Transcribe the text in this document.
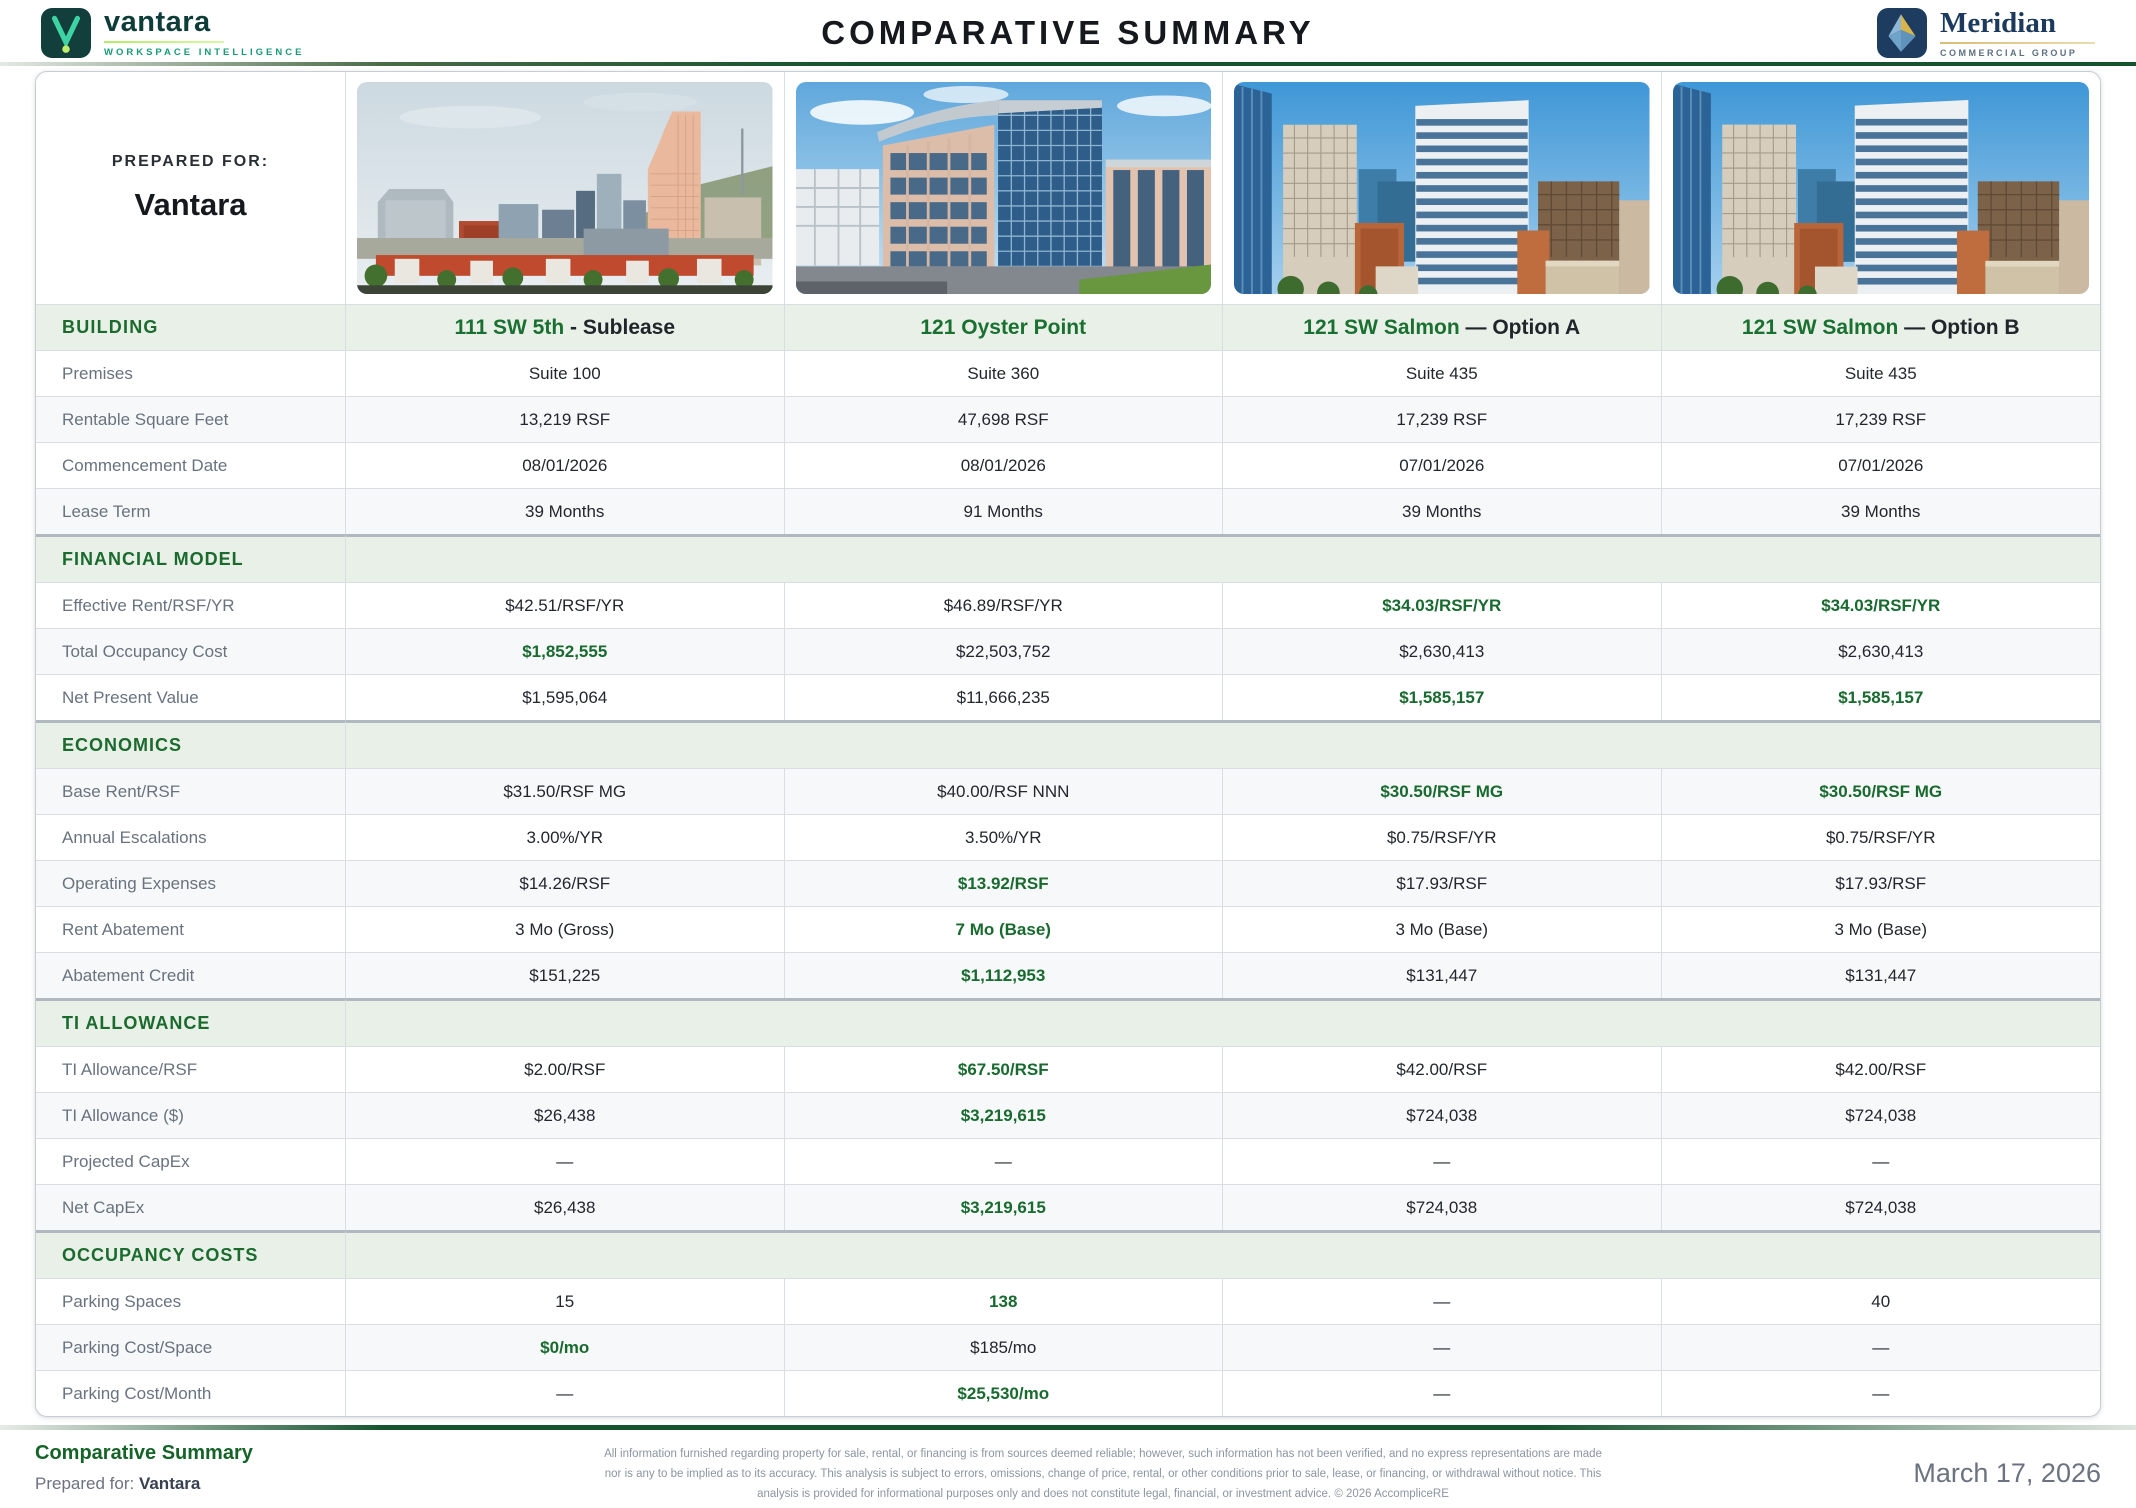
vantara
WORKSPACE INTELLIGENCE
COMPARATIVE SUMMARY	Meridian
COMMERCIAL GROUP
PREPARED FOR:
Vantara
BUILDING	111 SW 5th - Sublease	121 Oyster Point	121 SW Salmon — Option A	121 SW Salmon — Option B
Premises	Suite 100	Suite 360	Suite 435	Suite 435
Rentable Square Feet	13,219 RSF	47,698 RSF	17,239 RSF	17,239 RSF
Commencement Date	08/01/2026	08/01/2026	07/01/2026	07/01/2026
Lease Term	39 Months	91 Months	39 Months	39 Months
FINANCIAL MODEL
Effective Rent/RSF/YR	$42.51/RSF/YR	$46.89/RSF/YR	$34.03/RSF/YR	$34.03/RSF/YR
Total Occupancy Cost	$1,852,555	$22,503,752	$2,630,413	$2,630,413
Net Present Value	$1,595,064	$11,666,235	$1,585,157	$1,585,157
ECONOMICS
Base Rent/RSF	$31.50/RSF MG	$40.00/RSF NNN	$30.50/RSF MG	$30.50/RSF MG
Annual Escalations	3.00%/YR	3.50%/YR	$0.75/RSF/YR	$0.75/RSF/YR
Operating Expenses	$14.26/RSF	$13.92/RSF	$17.93/RSF	$17.93/RSF
Rent Abatement	3 Mo (Gross)	7 Mo (Base)	3 Mo (Base)	3 Mo (Base)
Abatement Credit	$151,225	$1,112,953	$131,447	$131,447
TI ALLOWANCE
TI Allowance/RSF	$2.00/RSF	$67.50/RSF	$42.00/RSF	$42.00/RSF
TI Allowance ($)	$26,438	$3,219,615	$724,038	$724,038
Projected CapEx	—	—	—	—
Net CapEx	$26,438	$3,219,615	$724,038	$724,038
OCCUPANCY COSTS
Parking Spaces	15	138	—	40
Parking Cost/Space	$0/mo	$185/mo	—	—
Parking Cost/Month	—	$25,530/mo	—	—
Comparative Summary
Prepared for: Vantara
All information furnished regarding property for sale, rental, or financing is from sources deemed reliable; however, such information has not been verified, and no express representations are made nor is any to be implied as to its accuracy. This analysis is subject to errors, omissions, change of price, rental, or other conditions prior to sale, lease, or financing, or withdrawal without notice. This analysis is provided for informational purposes only and does not constitute legal, financial, or investment advice. © 2026 AccompliceRE
March 17, 2026
